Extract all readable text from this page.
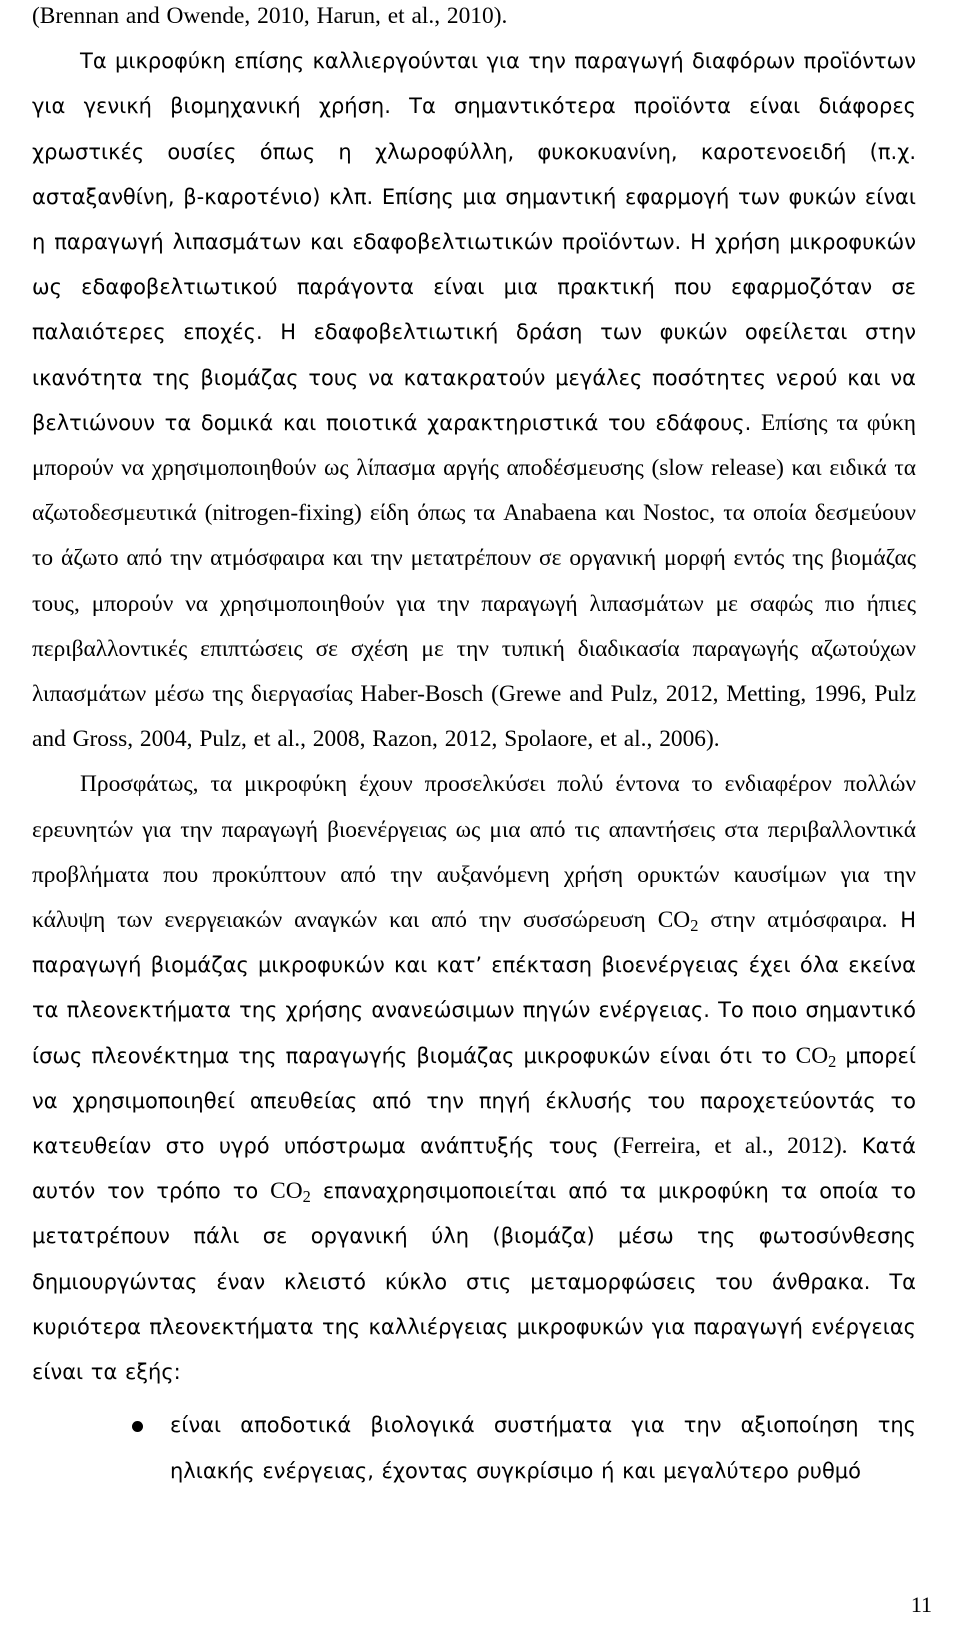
(Brennan and Owende, 2010, Harun, et al., 2010).

Τα μικροφύκη επίσης καλλιεργούνται για την παραγωγή διαφόρων προϊόντων για γενική βιομηχανική χρήση. Τα σημαντικότερα προϊόντα είναι διάφορες χρωστικές ουσίες όπως η χλωροφύλλη, φυκοκυανίνη, καροτενοειδή (π.χ. ασταξανθίνη, β-καροτένιο) κλπ. Επίσης μια σημαντική εφαρμογή των φυκών είναι η παραγωγή λιπασμάτων και εδαφοβελτιωτικών προϊόντων. Η χρήση μικροφυκών ως εδαφοβελτιωτικού παράγοντα είναι μια πρακτική που εφαρμοζόταν σε παλαιότερες εποχές. Η εδαφοβελτιωτική δράση των φυκών οφείλεται στην ικανότητα της βιομάζας τους να κατακρατούν μεγάλες ποσότητες νερού και να βελτιώνουν τα δομικά και ποιοτικά χαρακτηριστικά του εδάφους. Επίσης τα φύκη μπορούν να χρησιμοποιηθούν ως λίπασμα αργής αποδέσμευσης (slow release) και ειδικά τα αζωτοδεσμευτικά (nitrogen-fixing) είδη όπως τα Anabaena και Nostoc, τα οποία δεσμεύουν το άζωτο από την ατμόσφαιρα και την μετατρέπουν σε οργανική μορφή εντός της βιομάζας τους, μπορούν να χρησιμοποιηθούν για την παραγωγή λιπασμάτων με σαφώς πιο ήπιες περιβαλλοντικές επιπτώσεις σε σχέση με την τυπική διαδικασία παραγωγής αζωτούχων λιπασμάτων μέσω της διεργασίας Haber-Bosch (Grewe and Pulz, 2012, Metting, 1996, Pulz and Gross, 2004, Pulz, et al., 2008, Razon, 2012, Spolaore, et al., 2006).

Προσφάτως, τα μικροφύκη έχουν προσελκύσει πολύ έντονα το ενδιαφέρον πολλών ερευνητών για την παραγωγή βιοενέργειας ως μια από τις απαντήσεις στα περιβαλλοντικά προβλήματα που προκύπτουν από την αυξανόμενη χρήση ορυκτών καυσίμων για την κάλυψη των ενεργειακών αναγκών και από την συσσώρευση $CO_2$ στην ατμόσφαιρα. Η παραγωγή βιομάζας μικροφυκών και κατ’ επέκταση βιοενέργειας έχει όλα εκείνα τα πλεονεκτήματα της χρήσης ανανεώσιμων πηγών ενέργειας. Το ποιο σημαντικό ίσως πλεονέκτημα της παραγωγής βιομάζας μικροφυκών είναι ότι το $CO_2$ μπορεί να χρησιμοποιηθεί απευθείας από την πηγή έκλυσής του παροχετεύοντάς το κατευθείαν στο υγρό υπόστρωμα ανάπτυξής τους (Ferreira, et al., 2012). Κατά αυτόν τον τρόπο το $CO_2$ επαναχρησιμοποιείται από τα μικροφύκη τα οποία το μετατρέπουν πάλι σε οργανική ύλη (βιομάζα) μέσω της φωτοσύνθεσης δημιουργώντας έναν κλειστό κύκλο στις μεταμορφώσεις του άνθρακα. Τα κυριότερα πλεονεκτήματα της καλλιέργειας μικροφυκών για παραγωγή ενέργειας είναι τα εξής:

είναι αποδοτικά βιολογικά συστήματα για την αξιοποίηση της ηλιακής ενέργειας, έχοντας συγκρίσιμο ή και μεγαλύτερο ρυθμό
11
